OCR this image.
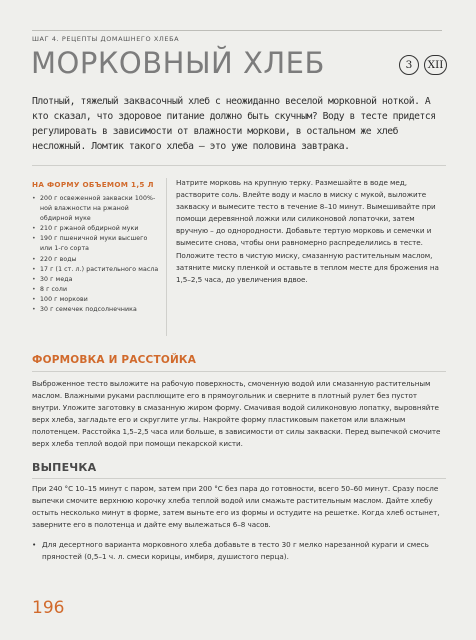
ШАГ 4. РЕЦЕПТЫ ДОМАШНЕГО ХЛЕБА
МОРКОВНЫЙ ХЛЕБ	3	XII

Плотный, тяжелый заквасочный хлеб с неожиданно веселой морковной ноткой. А кто сказал, что здоровое питание должно быть скучным? Воду в тесте придется регулировать в зависимости от влажности моркови, в остальном же хлеб несложный. Ломтик такого хлеба – это уже половина завтрака.

НА ФОРМУ ОБЪЕМОМ 1,5 Л
• 200 г освеженной закваски 100%-ной влажности на ржаной обдирной муке
• 210 г ржаной обдирной муки
• 190 г пшеничной муки высшего или 1-го сорта
• 220 г воды
• 17 г (1 ст. л.) растительного масла
• 30 г меда
• 8 г соли
• 100 г моркови
• 30 г семечек подсолнечника

Натрите морковь на крупную терку. Размешайте в воде мед, растворите соль. Влейте воду и масло в миску с мукой, выложите закваску и вымесите тесто в течение 8–10 минут. Вымешивайте при помощи деревянной ложки или силиконовой лопаточки, затем вручную – до однородности. Добавьте тертую морковь и семечки и вымесите снова, чтобы они равномерно распределились в тесте. Положите тесто в чистую миску, смазанную растительным маслом, затяните миску пленкой и оставьте в теплом месте для брожения на 1,5–2,5 часа, до увеличения вдвое.

ФОРМОВКА И РАССТОЙКА

Выброженное тесто выложите на рабочую поверхность, смоченную водой или смазанную растительным маслом. Влажными руками расплющите его в прямоугольник и сверните в плотный рулет без пустот внутри. Уложите заготовку в смазанную жиром форму. Смачивая водой силиконовую лопатку, выровняйте верх хлеба, загладьте его и скруглите углы. Накройте форму пластиковым пакетом или влажным полотенцем. Расстойка 1,5–2,5 часа или больше, в зависимости от силы закваски. Перед выпечкой смочите верх хлеба теплой водой при помощи пекарской кисти.

ВЫПЕЧКА

При 240 °С 10–15 минут с паром, затем при 200 °С без пара до готовности, всего 50–60 минут. Сразу после выпечки смочите верхнюю корочку хлеба теплой водой или смажьте растительным маслом. Дайте хлебу остыть несколько минут в форме, затем выньте его из формы и остудите на решетке. Когда хлеб остынет, заверните его в полотенца и дайте ему вылежаться 6–8 часов.

• Для десертного варианта морковного хлеба добавьте в тесто 30 г мелко нарезанной кураги и смесь пряностей (0,5–1 ч. л. смеси корицы, имбиря, душистого перца).

196
